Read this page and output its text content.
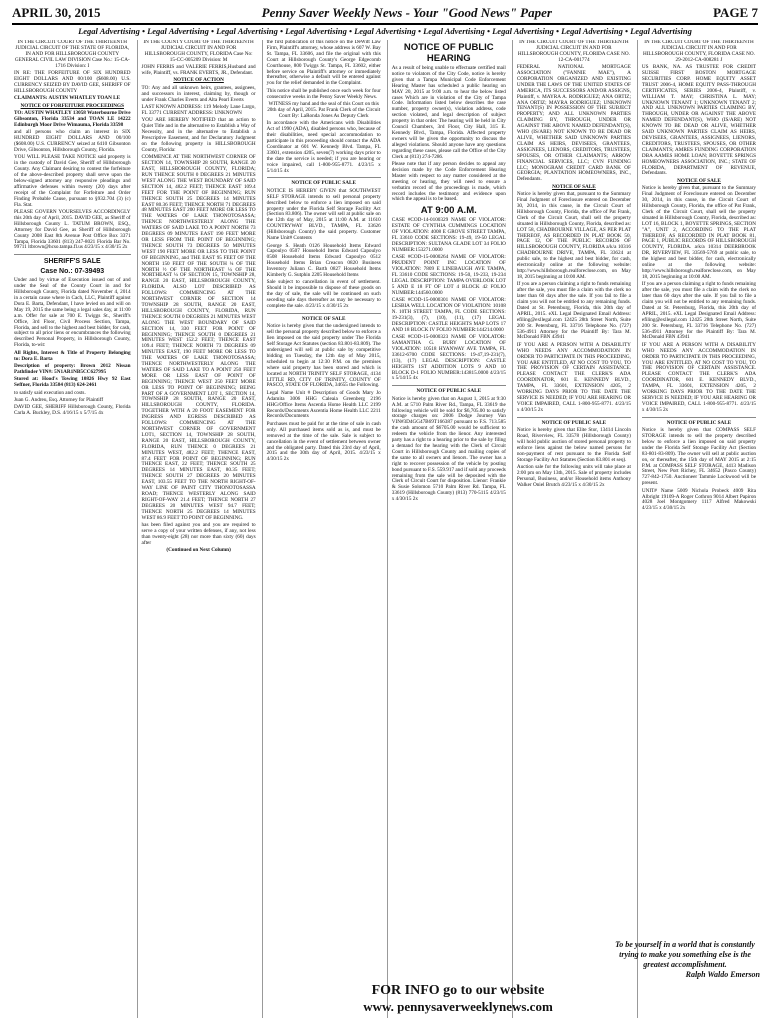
APRIL 30, 2015	Penny Saver Weekly News - Your "Good News" Paper	PAGE 7
Legal Advertising • Legal Advertising • Legal Advertising • Legal Advertising • Legal Advertising • Legal Advertising • Legal Advertising • Legal Advertising • Legal Advertising

IN THE CIRCUIT COURT OF THE THIRTEENTH JUDICIAL CIRCUIT OF THE STATE OF FLORIDA, IN AND FOR HILLSBOROUGH COUNTY GENERAL CIVIL LAW DIVISION Case No.: 15-CA-1716 Division: I

IN RE: THE FORFEITURE OF SIX HUNDRED EIGHT DOLLARS AND 00/100 ($608.00) U.S. CURRENCY SEIZED BY DAVID GEE, SHERIFF OF HILLSBOROUGH COUNTY

CLAIMANTS: AUSTIN WHATLEY TOAN LE

NOTICE OF FORFEITURE PROCEEDINGS

TO: AUSTIN WHATLEY 13058 Waterbourne Drive Gibsonton, Florida 33534 and TOAN LE 14222 Edinburgh Moor Drive Wimauma, Florida 33598

and all persons who claim an interest in SIX HUNDRED EIGHT DOLLARS AND 00/100 ($608.00) U.S. CURRENCY seized at 6410 Gibsonton Drive, Gibsonton, Hillsborough County, Florida.

YOU WILL PLEASE TAKE NOTICE said property is in the custody of David Gee, Sheriff of Hillsborough County. Any Claimant desiring to contest the forfeiture of the above-described property shall serve upon the below-signed attorney any responsive pleadings and affirmative defenses within twenty (20) days after receipt of the Complaint for Forfeiture and Order Finding Probable Cause, pursuant to §932.704 (3) (c) Fla. Stat.

PLEASE GOVERN YOURSELVES ACCORDINGLY this 20th day of April, 2015. DAVID GEE, as Sheriff of Hillsborough County L. TATUM BROWN, ESQ., Attorney for David Gee, as Sheriff of Hillsborough County 2008 East 8th Avenue Post Office Box 3371 Tampa, Florida 33601 (813) 247-8021 Florida Bar No. 99711 ltbrown@hcso.tampa.fl.us 4/23/15 x 4/30/15 2x

SHERIFF'S SALE
Case No.: 07-39493

Under and by virtue of Execution issued out of and under the Seal of the County Court in and for Hillsborough County, Florida dated November 4, 2014 in a certain cause where in Cach, LLC, Plaintiff against Dora E. Barta, Defendant, I have levied on and will on May 19, 2015 the same being a legal sales day, at 11:00 a.m. Offer for sale at 700 E. Twiggs St., Sheriff's Office, 3rd Floor, Civil Process Section, Tampa, Florida, and sell to the highest and best bidder, for cash, subject to all prior liens or encumbrances the following described Personal Property, in Hillsborough County, Florida, to-wit:

All Rights, Interest & Title of Property Belonging to: Dora E. Barta

Description of property: Brown 2012 Nissan Pathfinder VIN#: 5N1AR1NB5CC627995

Stored at: Hood's Towing 10826 Hwy 92 East Seffner, Florida 33584 (813) 624-2461

to satisfy said execution and costs.

Juan G. Andreu, Esq. Attorney for Plaintiff

DAVID GEE, SHERIFF Hillsborough County, Florida Carla A. Buckley, D.S. 4/16/15 x 5/7/15 4x

IN THE COUNTY COURT OF THE THIRTEENTH JUDICIAL CIRCUIT IN AND FOR HILLSBOROUGH COUNTY, FLORIDA Case No: 15-CC-005209 Division: M

JOHN FERRIS and VALERIE FERRIS,Husband and wife, Plaintiff, vs. FRANK EVERTS, JR., Defendant.

NOTICE OF ACTION

TO: Any and all unknown heirs, grantees, assignees, and successors in interest, claiming by, though or under Frank Charles Everts and Alta Pearl Everts

LAST KNOWN ADDRESS: 119 Melody Lane Largo, FL 33771 CURRENT ADDRESS: UNKNOWN

YOU ARE HEREBY NOTIFIED that an action to Quiet Title and in the alternative to Establish a Way of Necessity, and in the alternative to Establish a Prescriptive Easement, and for Declaratory Judgment on the following property in HILLSBOROUGH County, Florida:

COMMENCE AT THE NORTHWEST CORNER OF SECTION 14, TOWNSHIP 28 SOUTH, RANGE 20 EAST, HILLSBOROUGH COUNTY, FLORIDA; RUN THENCE SOUTH 0 DEGREES 21 MINUTES WEST ALONG THE WEST BOUNDARY OF SAID SECTION 14, 482.2 FEET; THENCE EAST 109.4 FEET FOR THE POINT OF BEGINNING; RUN THENCE SOUTH 25 DEGREES 14 MINUTES EAST 80.36 FEET; THENCE NORTH 71 DEGREES 48 MINUTES EAST 200 FEET MORE OR LESS TO THE WATERS OF LAKE THONOTOSASSA; THENCE NORTHWESTERLY ALONG THE WATERS OF SAID LAKE TO A POINT NORTH 73 DEGREES 09 MINUTES EAST 190 FEET MORE OR LESS FROM THE POINT OF BEGINNING; THENCE SOUTH 73 DEGREES 50 MINUTES WEST 190 FEET MORE OR LESS TO THE POINT OF BEGINNING, and THE EAST 95 FEET OF THE NORTH 150 FEET OF THE SOUTH ¼ OF THE NORTH ½ OF THE NORTHEAST ¼ OF THE NORTHEAST ¼ OF SECTION 15, TOWNSHIP 28, RANGE 20 EAST, HILLSBOROUGH COUNTY, FLORIDA. ALSO LOT DESCRIBED AS FOLLOWS: COMMENCING AT THE NORTHWEST CORNER OF SECTION 14 TOWNSHIP 28 SOUTH, RANGE 20 EAST, HILLSBOROUGH COUNTY, FLORIDA, RUN THENCE SOUTH 0 DEGREES 21 MINUTES WEST ALONG THE WEST BOUNDARY OF SAID SECTION 14, 330 FEET FOR POINT OF BEGINNING; THENCE SOUTH 0 DEGREES 21 MINUTES WEST 152.2 FEET; THENCE EAST 109.4 FEET; THENCE NORTH 73 DEGREES 09 MINUTES EAST, 190 FEET MORE OR LESS TO THE WATERS OF LAKE THONOTOSASSA; THENCE NORTHWESTERLY ALONG THE WATERS OF SAID LAKE TO A POINT 250 FEET MORE OR LESS EAST OF POINT OF BEGINNING; THENCE WEST 250 FEET MORE OR LESS TO POINT OF BEGINNING; BEING PART OF A GOVERNMENT LOT 1, SECTION 14, TOWNSHIP 28 SOUTH, RANGE 20 EAST, HILLSBOROUGH COUNTY, FLORIDA. TOGETHER WITH A 20 FOOT EASEMENT FOR INGRESS AND EGRESS DESCRIBED AS FOLLOWS: COMMENCING AT THE NORTHWEST CORNER OF GOVERNMENT LOT1, SECTION 14, TOWNSHIP 28 SOUTH, RANGE 20 EAST, HILLSBOROUGH COUNTY, FLORIDA, RUN THENCE 0 DEGREES 21 MINUTES WEST, 482.2 FEET; THENCE EAST, 87.4 FEET FOR POINT OF BEGINNING; RUN THENCE EAST, 22 FEET; THENCE SOUTH 25 DEGREES 14 MINUTES EAST, 80.35 FEET; THENCE SOUTH 27 DEGREES 20 MINUTES EAST, 103.55 FEET TO THE NORTH RIGHT-OF-WAY LINE OF PAINT CITY THONOTOSASSA ROAD; THENCE WESTERLY ALONG SAID RIGHT-OF-WAY 21.4 FEET; THENCE NORTH 27 DEGREES 20 MINUTES WEST 94.7 FEET; THENCE NORTH 25 DEGREES 14 MINUTES WEST 86.9 FEET TO POINT OF BEGINNING.

has been filed against you and you are required to serve a copy of your written defenses, if any, not less than twenty-eight (28) nor more than sixty (60) days after

(Continued on Next Column)

the first publication of this notice on the DeWitt Law Firm, Plaintiff's attorney, whose address is 607 W. Bay St. Tampa, FL 33606, and file the original with this Court at Hillsborough County's George Edgecomb Courthouse, 800 Twiggs St. Tampa, FL 33602, either before service on Plaintiff's attorney or immediately thereafter, otherwise a default will be entered against you for the relief demanded in the Complaint.

This notice shall be published once each week for four consecutive weeks in the Penny Saver Weekly News.

WITNESS my hand and the seal of this Court on this 20th day of April, 2015. Pat Frank Clerk of the Circuit Court By: LaRonda Jones As Deputy Clerk

In accordance with the Americans with Disabilities Act of 1990 (ADA), disabled persons who, because of their disabilities, need special accommodation to participate in this proceeding should contact the ADA Coordinator at 601 W. Kennedy Blvd. Tampa, FL 33601, extension 4205, seven(7) working days prior to the date the service is needed; if you are hearing or voice impaired, call 1-800-955-8771. 4/23/15 x 5/14/15 4x

NOTICE OF PUBLIC SALE

NOTICE IS HEREBY GIVEN that SOUTHWEST SELF STORAGE intends to sell personal property described below to enforce a lien imposed on said property under the Florida Self Storage Facility Act (Section 83.806). The owner will sell at public sale on the 12th day of May, 2015 at 11:00 A.M. at 11610 COUNTRYWAY BLVD., TAMPA, FL 33626 (Hillsborough County) the said property. Customer Name Unit# Contents

George S. Heath 0126 Household Items Edward Capoulyo 0507 Household Items Edward Capoulyo 0508 Household Items Edward Capoulyo 0512 Household Items Brian Creacon 0820 Business Inventory Juliann C. Barth 0827 Household Items Kimberly G. Sutphin 2205 Household Items

Sale subject to cancellation in event of settlement. Should it be impossible to dispose of these goods on the day of sale, the sale will be continued on such seceding sale days thereafter as may be necessary to complete the sale. 4/23/15 x 4/30/15 2x

NOTICE OF SALE

Notice is hereby given that the undersigned intends to sell the personal property described below to enforce a lien imposed on the said property under The Florida Self Storage Act Statutes (section 83.801-83.809). The undersigned will sell at public sale by competitive bidding on Tuesday, the 12th day of May 2015, scheduled to begin at 12:30 P.M. on the premises where said property has been stored and which is located at NORTH TRINITY SELF STORAGE, 4134 LITTLE RD, CITY OF TRINITY, COUNTY OF PASCO, STATE OF FLORIDA, 34655 the Following.

Legal Name Unit # Description of Goods Mary Jo Adamita 3006 HHG Caleaia Greenberg 2196 HHG/Office Items Ascentia Home Health LLC 2199 Records/Documents Ascentia Home Health LLC 2211 Records/Documents

Purchases must be paid for at the time of sale in cash only. All purchased items sold as is, and must be removed at the time of the sale. Sale is subject to cancellation in the event of settlement between owner and the obligated party. Dated this 23rd day of April, 2015 and the 30th day of April, 2015. 4/23/15 x 4/30/15 2x

NOTICE OF PUBLIC HEARING

As a result of being unable to effectuate certified mail notice to violators of the City Code, notice is hereby given that a Tampa Municipal Code Enforcement Hearing Master has scheduled a public hearing on MAY 20, 2015 at 9:00 a.m. to hear the below listed cases Which are in violation of the City of Tampa Code. Information listed below describes the case number, property owner(s), violation address, code section violated, and legal description of subject property in that order. The hearing will be held in City Council Chambers, 3rd Floor, City Hall, 315 E. Kennedy Blvd., Tampa, Florida. Affected property owners will be given the opportunity to discuss the alleged violations. Should anyone have any questions regarding these cases, please call the Office of the City Clerk at (813) 274-7286.

Please note that if any person decides to appeal any decision made by the Code Enforcement Hearing Master with respect to any matter considered at the meeting or hearing, they will need to ensure a verbatim record of the proceedings is made, which record includes the testimony and evidence upon which the appeal is to be based.

AT 9:00 A.M.

CASE #COD-14-0100329 NAME OF VIOLATOR: ESTATE OF CYNTHIA CUMMINGS LOCATION OF VIOLATION: 4008 E GROVE STREET TAMPA, FL 33610 CODE SECTIONS: 19-49, 19-50 LEGAL DESCRIPTION: SULTANA GLADE LOT 34 FOLIO NUMBER:153271.0000

CASE #COD-15-0000264 NAME OF VIOLATOR: PRUDENT POINT INC LOCATION OF VIOLATION: 7809 E LINEBAUGH AVE TAMPA, FL 33610 CODE SECTIONS: 19-50, 19-233, 19-234 LEGAL DESCRIPTION: TAMPA OVERLOOK LOT 5 AND E 18 FT OF LOT 4 BLOCK 42 FOLIO NUMBER:144560.0000

CASE #COD-15-0000301 NAME OF VIOLATOR: LESBIA WELL LOCATION OF VIOLATION: 10108 N. 10TH STREET TAMPA, FL CODE SECTIONS: 19-231(3), (7), (10), (11), (17) LEGAL DESCRIPTION: CASTLE HEIGHTS MAP LOTS 17 AND 18 BLOCK IV FOLIO NUMBER:144214.0000

CASE #COD-15-0000323 NAME OF VIOLATOR: SAMANTHA G. BURY LOCATION OF VIOLATION: 10518 HYANWAY AVE TAMPA, FL 33612-6700 CODE SECTIONS: 19-47,19-231(7), (13), (17) LEGAL DESCRIPTION: CASTLE HEIGHTS 1ST ADDITION LOTS 9 AND 10 BLOCK D-1 FOLIO NUMBER:143815.0000 4/23/15 x 5/14/15 4x

NOTICE OF PUBLIC SALE

Notice is hereby given that on August 1, 2015 at 9:30 A.M. at 5710 Palm River Rd., Tampa, FL 33619 the following vehicle will be sold for $6,705.00 to satisfy storage charges on: 2006 Dodge Journey Van VIN#3D4GG47B69T166387 pursuant to F.S. 713.585 the cash amount of $6705.00 would be sufficient to redeem the vehicle from the lienor. Any interested party has a right to a hearing prior to the sale by filing a demand for the hearing with the Clerk of Circuit Court in Hillsborough County and mailing copies of the same to all owners and lienors. The owner has a right to recover possession of the vehicle by posting bond pursuant to F.S. 559.917 and if sold any proceeds remaining from the sale will be deposited with the Clerk of Circuit Court for disposition. Lienor: Frankie & Susie Solomon 5710 Palm River Rd. Tampa, FL 33619 (Hillsborough County) (813) 770-5115 4/23/15 x 4/30/15 2x

IN THE CIRCUIT COURT OF THE THIRTEENTH JUDICIAL CIRCUIT IN AND FOR HILLSBOROUGH COUNTY, FLORIDA CASE NO. 12-CA-001774

FEDERAL NATIONAL MORTGAGE ASSOCIATION ("FANNIE MAE"), A CORPORATION ORGANIZED AND EXISTING UNDER THE LAWS OF THE UNITED STATES OF AMERICA, ITS SUCCESSORS AND/OR ASSIGNS, Plaintiff, v. MAYRA A. RODRIGUEZ; ANA ORTIZ; ANA ORTIZ; MAYRA RODRIGUEZ; UNKNOWN TENANT(S) IN POSSESSION OF THE SUBJECT PROPERTY; AND ALL UNKNOWN PARTIES CLAIMING BY, THROUGH, UNDER OR AGAINST THE ABOVE NAMED DEFENDANT(S), WHO (IS/ARE) NOT KNOWN TO BE DEAD OR ALIVE, WHETHER SAID UNKNOWN PARTIES CLAIM AS HEIRS, DEVISEES, GRANTEES, ASSIGNEES, LIENORS, CREDITORS, TRUSTEES, SPOUSES, OR OTHER CLAIMANTS; ARROW FINANCIAL SERVICES, LLC; CVN FUNDING LLC; MONOGRAM CREDIT CARD BANK OF GEORGIA; PLANTATION HOMEOWNERS, INC., Defendants.

NOTICE OF SALE

Notice is hereby given that, pursuant to the Summary Final Judgment of Foreclosure entered on December 30, 2014, in this cause, in the Circuit Court of Hillsborough County, Florida, the office of Pat Frank, Clerk of the Circuit Court, shall sell the property situated in Hillsborough County, Florida, described as: LOT 58, CHADBOURNE VILLAGE, AS PER PLAT THEREOF, AS RECORDED IN PLAT BOOK 50, PAGE 12, OF THE PUBLIC RECORDS OF HILLSBOROUGH COUNTY, FLORIDA a/k/a 10316 CHADBOURNE DRIVE, TAMPA, FL 33624 at public sale, to the highest and best bidder, for cash, electronically online at the following website: http://www.hillsborough.realforeclose.com, on May 18, 2015 beginning at 10:00 AM.

If you are a person claiming a right to funds remaining after the sale, you must file a claim with the clerk no later than 60 days after the sale. If you fail to file a claim you will not be entitled to any remaining funds. Dated at St. Petersburg, Florida, this 20th day of APRIL, 2015. eXL Legal Designated Email Address: efiling@exllegal.com 12425 28th Street North, Suite 200 St. Petersburg, FL 33716 Telephone No. (727) 536-4911 Attorney for the Plaintiff By: Tara M. McDonald FBN 43941

IF YOU ARE A PERSON WITH A DISABILITY WHO NEEDS ANY ACCOMMODATION IN ORDER TO PARTICIPATE IN THIS PROCEEDING, YOU ARE ENTITLED, AT NO COST TO YOU, TO THE PROVISION OF CERTAIN ASSISTANCE. PLEASE CONTACT THE CLERK'S ADA COORDINATOR, 601 E. KENNEDY BLVD., TAMPA, FL 33601, EXTENSION 4205, 2 WORKING DAYS PRIOR TO THE DATE THE SERVICE IS NEEDED; IF YOU ARE HEARING OR VOICE IMPAIRED, CALL 1-800-955-8771. 4/23/15 x 4/30/15 2x

NOTICE OF PUBLIC SALE

Notice is hereby given that Elite Stor, 13414 Lincoln Road, Riverview, FL 33578 (Hillsborough County) will hold public auction of stored personal property to enforce liens against the below named persons for non-payment of rent pursuant to the Florida Self Storage Facility Act Statutes (Section 83.801 et seq).

Auction sale for the following units will take place at 2:00 pm on May 13th, 2015. Sale of property includes Personal, Business, and/or Household items Anthony Walker Oniel Brutch 4/23/15 x 4/30/15 2x

IN THE CIRCUIT COURT OF THE THIRTEENTH JUDICIAL CIRCUIT IN AND FOR HILLSBOROUGH COUNTY, FLORIDA CASE NO. 29-2012-CA-008281 J

US BANK, NA. AS TRUSTEE FOR CREDIT SUISSE FIRST BOSTON MORTGAGE SECURITIES CORP. HOME EQUITY ASSET TRUST 2006-4, HOME EQUITY PASS-THROUGH CERTIFICATES, SERIES 2006-4, Plaintiff, v. WILLIAM T. MAY; CHRISTINA L. MAY; UNKNOWN TENANT 1; UNKNOWN TENANT 2; AND ALL UNKNOWN PARTIES CLAIMING BY, THROUGH, UNDER OR AGAINST THE ABOVE NAMED DEFENDANT(S), WHO (IS/ARE) NOT KNOWN TO BE DEAD OR ALIVE, WHETHER SAID UNKNOWN PARTIES CLAIM AS HEIRS, DEVISEES, GRANTEES, ASSIGNEES, LIENORS, CREDITORS, TRUSTEES, SPOUSES, OR OTHER CLAIMANTS; AMRES FUNDING CORPORATION DBA AAMES HOME LOAN; BOYETTE SPRINGS HOMEOWNERS ASSOCIATION, INC.; STATE OF FLORIDA, DEPARTMENT OF REVENUE, Defendants.

NOTICE OF SALE

Notice is hereby given that, pursuant to the Summary Final Judgment of Foreclosure entered on December 30, 2014, in this cause, in the Circuit Court of Hillsborough County, Florida, the office of Pat Frank, Clerk of the Circuit Court, shall sell the property situated in Hillsborough County, Florida, described as: LOT 16, BLOCK 1, BOYETTE SPRINGS, SECTION "A", UNIT 2, ACCORDING TO THE PLAT THEREOF, AS RECORDED IN PLAT BOOK 81, PAGE 1, PUBLIC RECORDS OF HILLSBOROUGH COUNTY, FLORIDA. a/k/a 10314 DEERBROOK DR, RIVERVIEW, FL 33569-5769 at public sale, to the highest and best bidder, for cash, electronically online at the following website: http://www.hillsborough.realforeclose.com, on May 18, 2015 beginning at 10:00 AM.

If you are a person claiming a right to funds remaining after the sale, you must file a claim with the clerk no later than 60 days after the sale. If you fail to file a claim you will not be entitled to any remaining funds. Dated at St. Petersburg, Florida, this 20th day of APRIL, 2015. eXL Legal Designated Email Address: efiling@exllegal.com 12425 28th Street North, Suite 200 St. Petersburg, FL 33716 Telephone No. (727) 536-4911 Attorney for the Plaintiff By: Tara M. McDonald FBN 43941

IF YOU ARE A PERSON WITH A DISABILITY WHO NEEDS ANY ACCOMMODATION IN ORDER TO PARTICIPATE IN THIS PROCEEDING, YOU ARE ENTITLED, AT NO COST TO YOU, TO THE PROVISION OF CERTAIN ASSISTANCE. PLEASE CONTACT THE CLERK'S ADA COORDINATOR, 601 E. KENNEDY BLVD., TAMPA, FL 33601, EXTENSION 4205, 2 WORKING DAYS PRIOR TO THE DATE THE SERVICE IS NEEDED; IF YOU ARE HEARING OR VOICE IMPAIRED, CALL 1-800-955-8771. 4/23/15 x 4/30/15 2x

NOTICE OF PUBLIC SALE

Notice is hereby given that COMPASS SELF STORAGE intends to sell the property described below to enforce a lien imposed on said property under the Florida Self Storage Facility Act (Section 83-801-83-809). The owner will sell at public auction on, or thereafter, the 15th day of MAY 2015 at 2:15 P.M. at COMPASS SELF STORAGE, 4413 Madison Street, New Port Richey, FL 34652 (Pasco County) 727-842-1750. Auctioneer Tammie Lockwood will be present.

UNIT# Name 5009 Nichola Probeck 4009 Rita Albright 19109-A Roger Cothron 9014 Albert Papiron 4028 Joel Montgomery 1117 Alfred Makowski 4/23/15 x 4/30/15 2x

To be yourself in a world that is constantly trying to make you something else is the greatest accomplishment.
Ralph Waldo Emerson
FOR INFO go to our website
www. pennysaverweeklynews.com
